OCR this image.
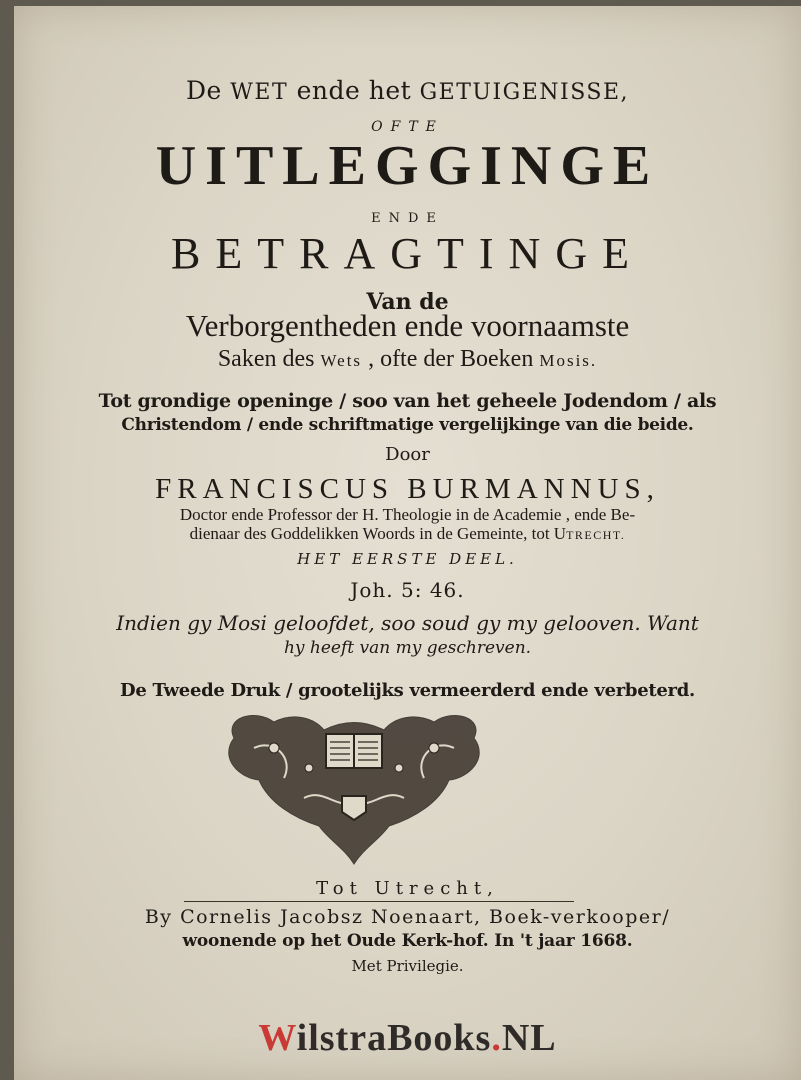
De WET ende het GETUIGENISSE,
OFTE
UITLEGGINGE
ENDE
BETRAGTINGE
Van de
Verborgentheden ende voornaamste
Saken des Wets , ofte der Boeken Mosis.
Tot grondige openinge / soo van het geheele Jodendom / als
Christendom / ende schriftmatige vergelijkinge van die beide.
Door
FRANCISCUS BURMANNUS,
Doctor ende Professor der H. Theologie in de Academie , ende Be-
dienaar des Goddelikken Woords in de Gemeinte, tot UTRECHT.
HET EERSTE DEEL.
Joh. 5: 46.
Indien gy Mosi geloofdet, soo soud gy my gelooven. Want
hy heeft van my geschreven.
De Tweede Druk / grootelijks vermeerderd ende verbeterd.
Tot Utrecht,
By Cornelis Jacobsz Noenaart, Boek-verkooper/
woonende op het Oude Kerk-hof. In 't jaar 1668.
Met Privilegie.
WilstraBooks.NL
